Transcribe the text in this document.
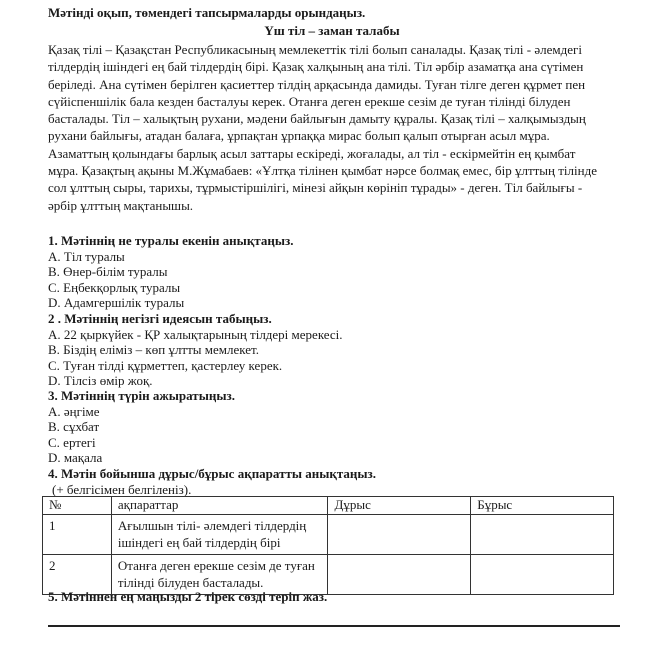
Мәтінді оқып, төмендегі тапсырмаларды орындаңыз.
Үш тіл – заман талабы
Қазақ тілі – Қазақстан Республикасының мемлекеттік тілі болып саналады. Қазақ тілі - әлемдегі
тілдердің ішіндегі ең бай тілдердің бірі. Қазақ халқының ана тілі. Тіл әрбір азаматқа ана сүтімен
беріледі. Ана сүтімен берілген қасиеттер тілдің арқасында дамиды. Туған тілге деген құрмет пен
сүйіспеншілік бала кезден басталуы керек. Отанға деген ерекше сезім де туған тілінді білуден
басталады. Тіл – халықтың рухани, мәдени байлығын дамыту құралы. Қазақ тілі – халқымыздың
рухани байлығы, атадан балаға, ұрпақтан ұрпаққа мирас болып қалып отырған асыл мұра.
Азаматтың қолындағы барлық асыл заттары ескіреді, жоғалады, ал тіл - ескірмейтін ең қымбат
мұра. Қазақтың ақыны М.Жұмабаев: «Ұлтқа тілінен қымбат нәрсе болмақ емес, бір ұлттың тілінде
сол ұлттың сыры, тарихы, тұрмыстіршілігі, мінезі айқын көрініп тұрады» - деген. Тіл байлығы -
әрбір ұлттың мақтанышы.
1. Мәтіннің не туралы екенін анықтаңыз.
A. Тіл туралы
B. Өнер-білім туралы
C. Еңбекқорлық туралы
D. Адамгершілік туралы
2 . Мәтіннің негізгі идеясын табыңыз.
A. 22 қыркүйек - ҚР халықтарының тілдері мерекесі.
B. Біздің еліміз – көп ұлтты мемлекет.
C. Туған тілді құрметтеп, қастерлеу керек.
D. Тілсіз өмір жоқ.
3. Мәтіннің түрін ажыратыңыз.
A. әңгіме
B. сұхбат
C. ертегі
D. мақала
4. Мәтін бойынша дұрыс/бұрыс ақпаратты анықтаңыз.
(+ белгісімен белгіленіз).
№	ақпараттар	Дұрыс	Бұрыс
1	Ағылшын тілі- әлемдегі тілдердің ішіндегі ең бай тілдердің бірі		
2	Отанға деген ерекше сезім де туған тілінді білуден басталады.		
5. Мәтіннен ең маңызды 2 тірек сөзді теріп жаз.
